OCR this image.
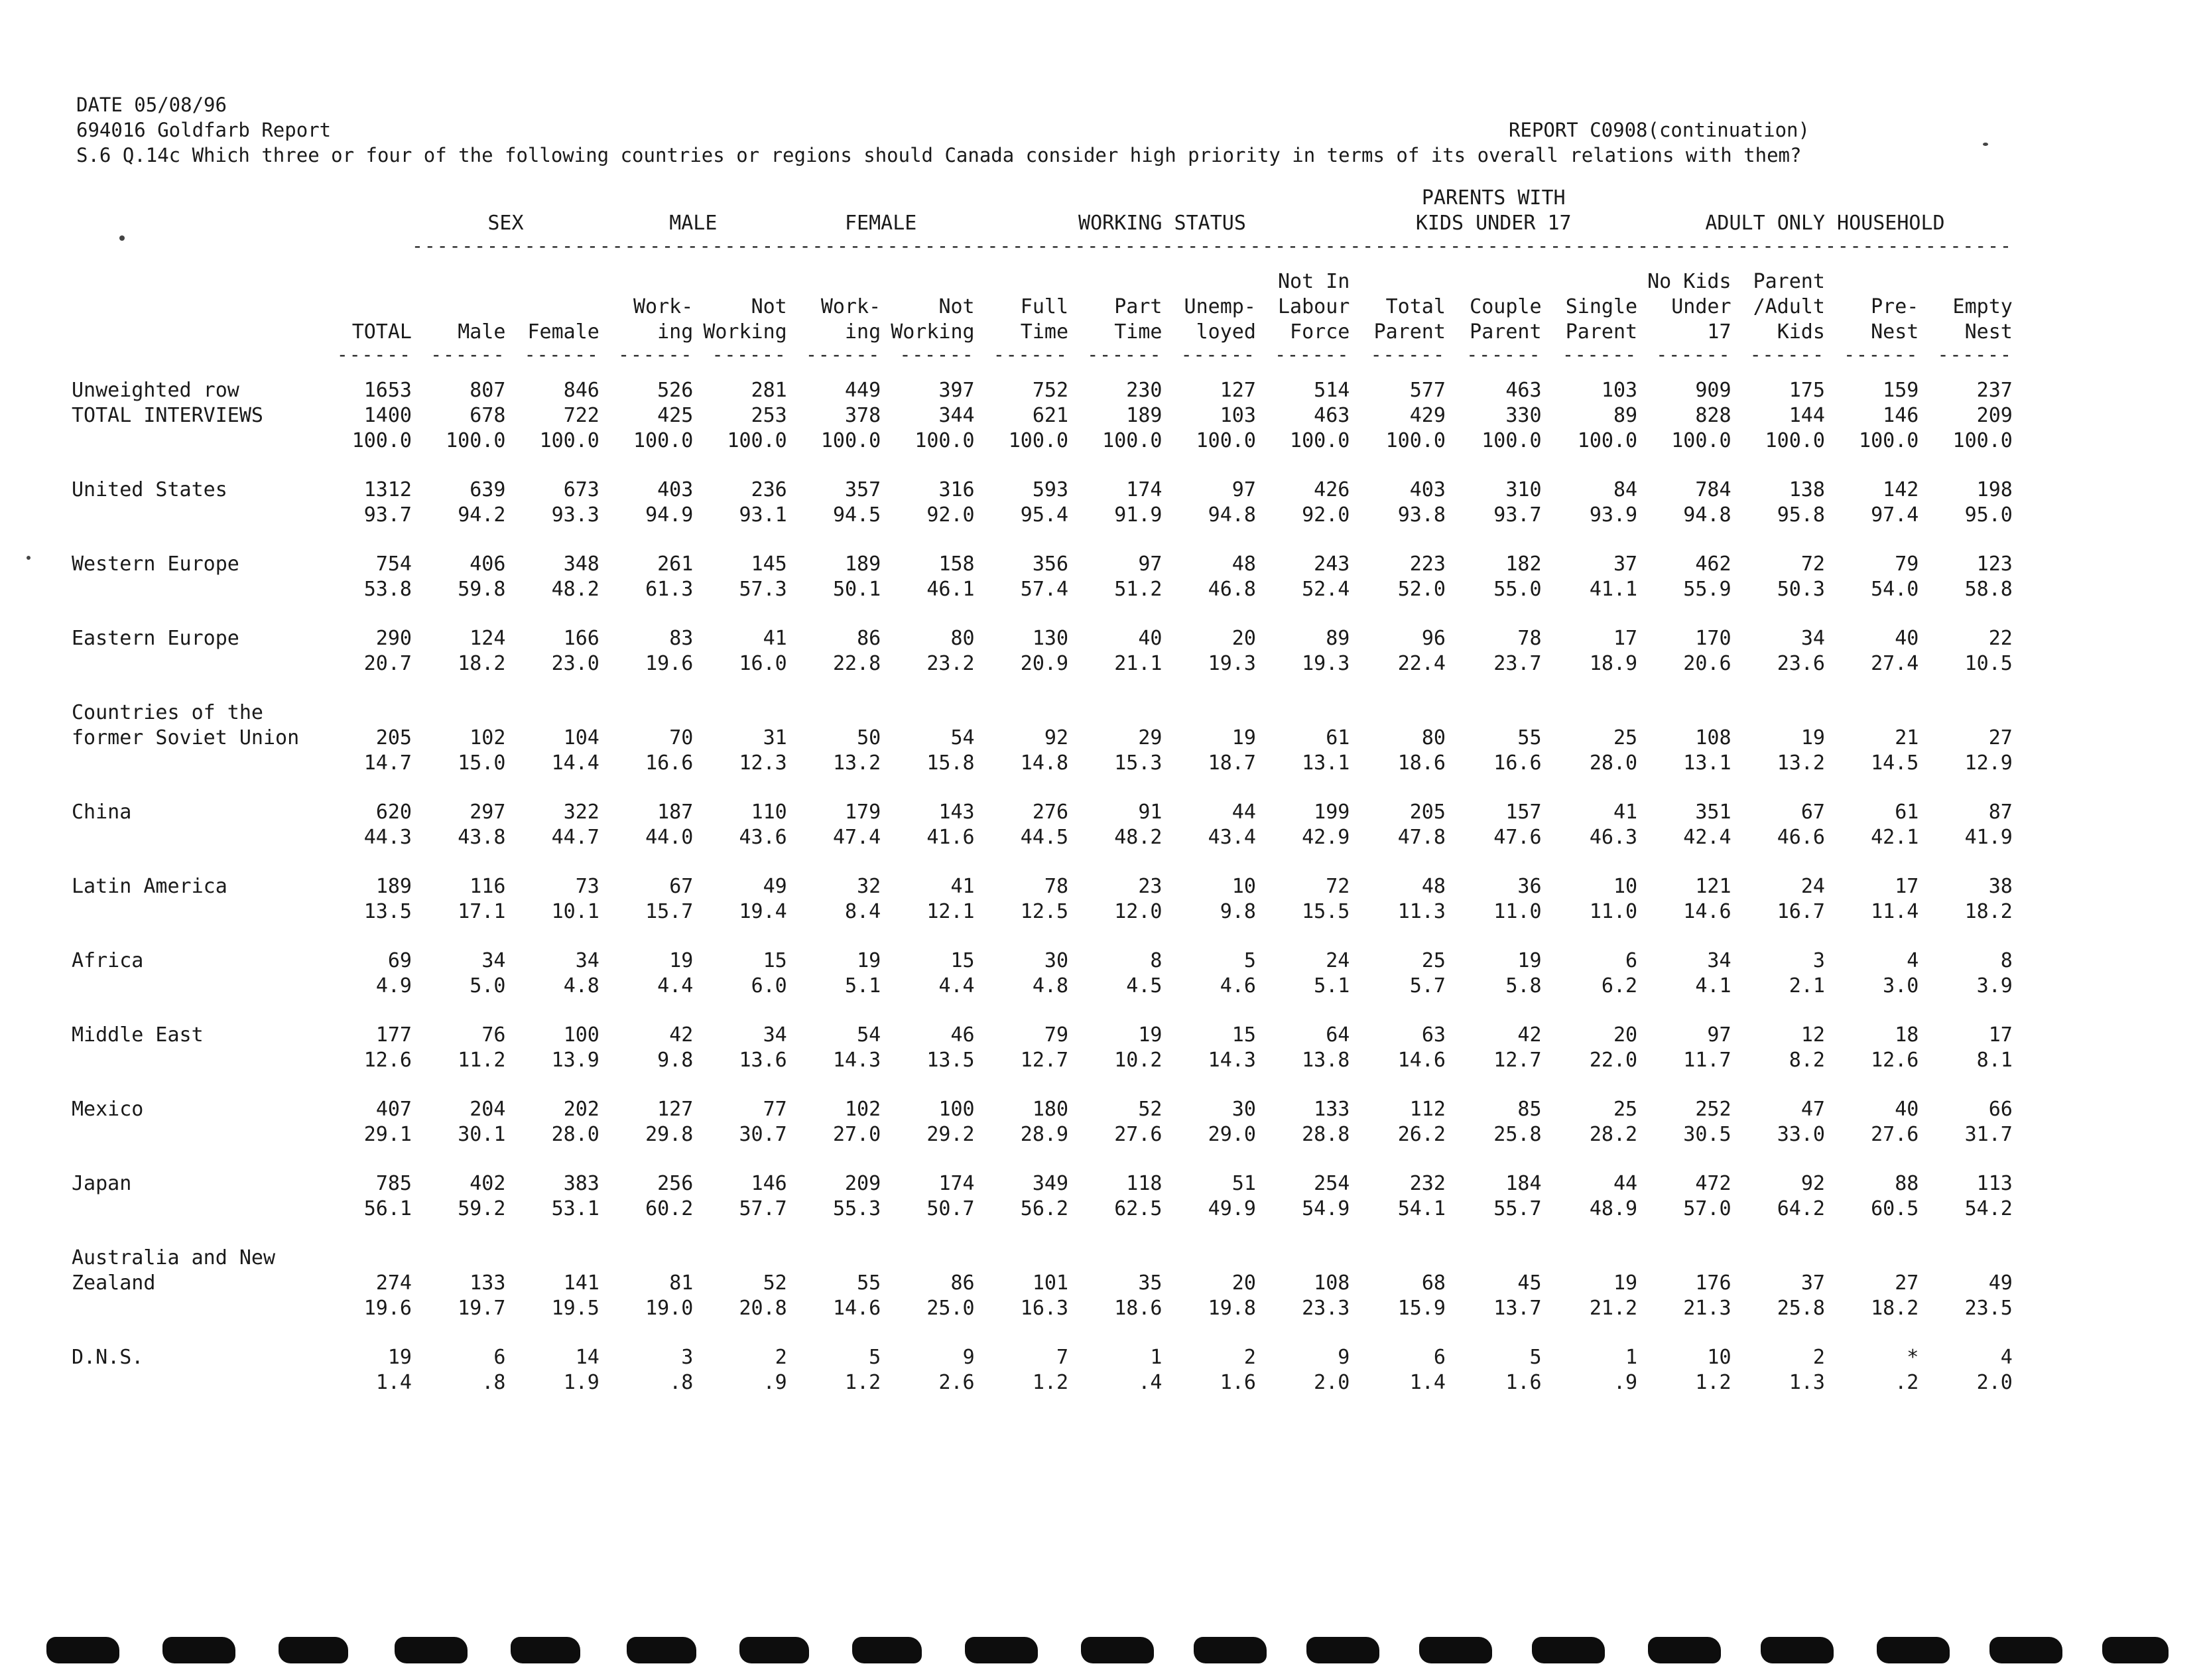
DATE 05/08/96
694016 Goldfarb Report	REPORT C0908(continuation)
S.6 Q.14c Which three or four of the following countries or regions should Canada consider high priority in terms of its overall relations with them?
												PARENTS WITH						
		SEX		MALE		FEMALE		WORKING STATUS				KIDS UNDER 17			ADULT ONLY HOUSEHOLD			
		---------------		---------------		---------------		------------------------------				-----------------------			------------------------------			

											Not In				No Kids	Parent		
				Work-	Not	Work-	Not	Full	Part	Unemp-	Labour	Total	Couple	Single	Under	/Adult	Pre-	Empty
	TOTAL	Male	Female	ing	Working	ing	Working	Time	Time	loyed	Force	Parent	Parent	Parent	17	Kids	Nest	Nest
	------	------	------	------	------	------	------	------	------	------	------	------	------	------	------	------	------	------

Unweighted row	1653	807	846	526	281	449	397	752	230	127	514	577	463	103	909	175	159	237
TOTAL INTERVIEWS	1400	678	722	425	253	378	344	621	189	103	463	429	330	89	828	144	146	209
	100.0	100.0	100.0	100.0	100.0	100.0	100.0	100.0	100.0	100.0	100.0	100.0	100.0	100.0	100.0	100.0	100.0	100.0

United States	1312	639	673	403	236	357	316	593	174	97	426	403	310	84	784	138	142	198
	93.7	94.2	93.3	94.9	93.1	94.5	92.0	95.4	91.9	94.8	92.0	93.8	93.7	93.9	94.8	95.8	97.4	95.0

Western Europe	754	406	348	261	145	189	158	356	97	48	243	223	182	37	462	72	79	123
	53.8	59.8	48.2	61.3	57.3	50.1	46.1	57.4	51.2	46.8	52.4	52.0	55.0	41.1	55.9	50.3	54.0	58.8

Eastern Europe	290	124	166	83	41	86	80	130	40	20	89	96	78	17	170	34	40	22
	20.7	18.2	23.0	19.6	16.0	22.8	23.2	20.9	21.1	19.3	19.3	22.4	23.7	18.9	20.6	23.6	27.4	10.5

Countries of the																		
former Soviet Union	205	102	104	70	31	50	54	92	29	19	61	80	55	25	108	19	21	27
	14.7	15.0	14.4	16.6	12.3	13.2	15.8	14.8	15.3	18.7	13.1	18.6	16.6	28.0	13.1	13.2	14.5	12.9

China	620	297	322	187	110	179	143	276	91	44	199	205	157	41	351	67	61	87
	44.3	43.8	44.7	44.0	43.6	47.4	41.6	44.5	48.2	43.4	42.9	47.8	47.6	46.3	42.4	46.6	42.1	41.9

Latin America	189	116	73	67	49	32	41	78	23	10	72	48	36	10	121	24	17	38
	13.5	17.1	10.1	15.7	19.4	8.4	12.1	12.5	12.0	9.8	15.5	11.3	11.0	11.0	14.6	16.7	11.4	18.2

Africa	69	34	34	19	15	19	15	30	8	5	24	25	19	6	34	3	4	8
	4.9	5.0	4.8	4.4	6.0	5.1	4.4	4.8	4.5	4.6	5.1	5.7	5.8	6.2	4.1	2.1	3.0	3.9

Middle East	177	76	100	42	34	54	46	79	19	15	64	63	42	20	97	12	18	17
	12.6	11.2	13.9	9.8	13.6	14.3	13.5	12.7	10.2	14.3	13.8	14.6	12.7	22.0	11.7	8.2	12.6	8.1

Mexico	407	204	202	127	77	102	100	180	52	30	133	112	85	25	252	47	40	66
	29.1	30.1	28.0	29.8	30.7	27.0	29.2	28.9	27.6	29.0	28.8	26.2	25.8	28.2	30.5	33.0	27.6	31.7

Japan	785	402	383	256	146	209	174	349	118	51	254	232	184	44	472	92	88	113
	56.1	59.2	53.1	60.2	57.7	55.3	50.7	56.2	62.5	49.9	54.9	54.1	55.7	48.9	57.0	64.2	60.5	54.2

Australia and New																		
Zealand	274	133	141	81	52	55	86	101	35	20	108	68	45	19	176	37	27	49
	19.6	19.7	19.5	19.0	20.8	14.6	25.0	16.3	18.6	19.8	23.3	15.9	13.7	21.2	21.3	25.8	18.2	23.5

D.N.S.	19	6	14	3	2	5	9	7	1	2	9	6	5	1	10	2	*	4
	1.4	.8	1.9	.8	.9	1.2	2.6	1.2	.4	1.6	2.0	1.4	1.6	.9	1.2	1.3	.2	2.0
